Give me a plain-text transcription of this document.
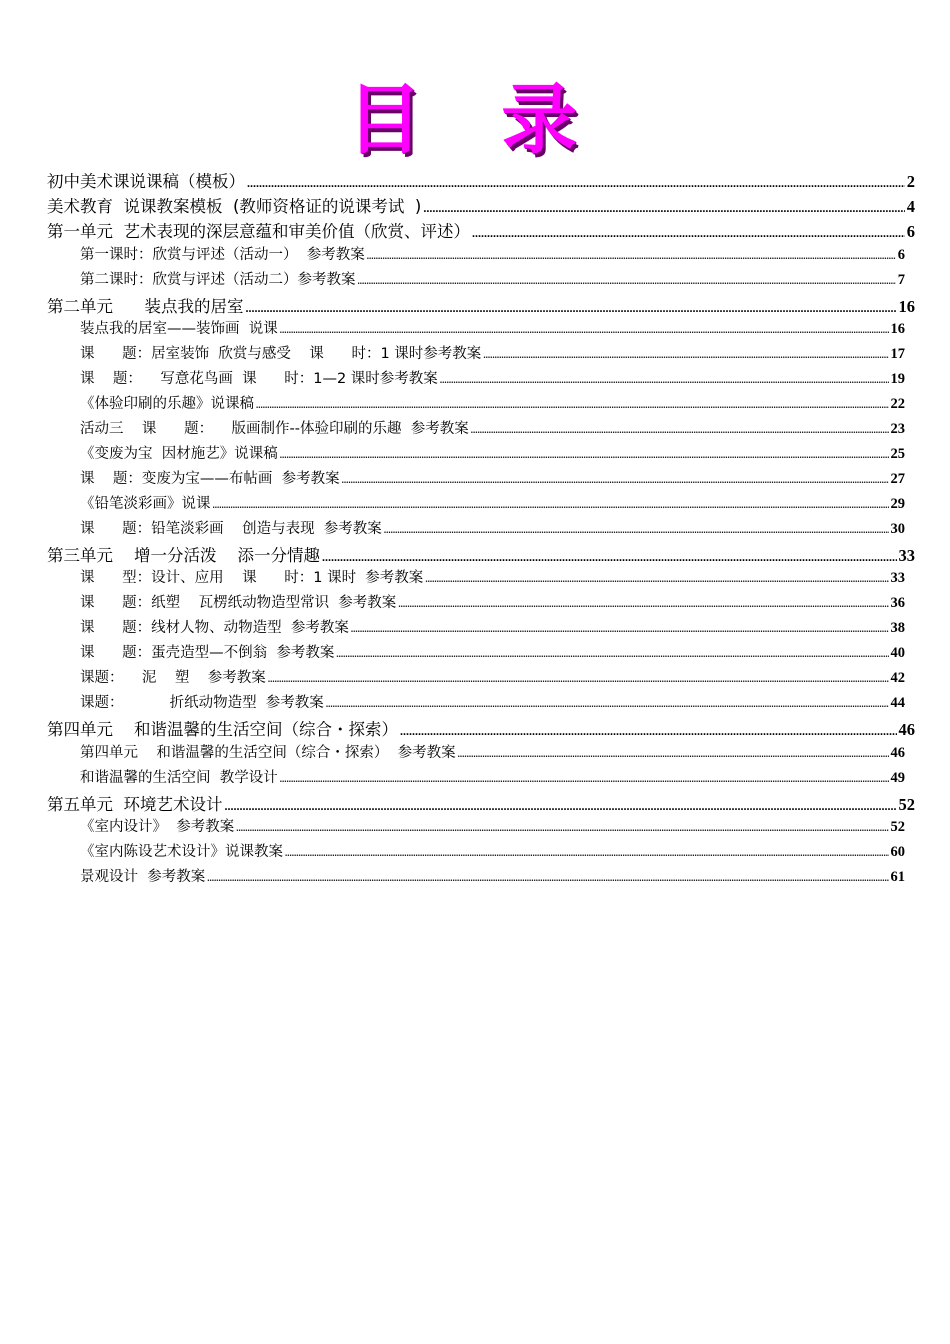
目 录
初中美术课说课稿（模板） .....	2
美术教育  说课教案模板  (教师资格证的说课考试  ) .....	4
第一单元  艺术表现的深层意蕴和审美价值（欣赏、评述） .....	6
第一课时：欣赏与评述（活动一）  参考教案 .....	6
第二课时：欣赏与评述（活动二）参考教案 .....	7
第二单元      装点我的居室 .....	16
装点我的居室——装饰画  说课 .....	16
课      题：居室装饰  欣赏与感受    课      时：1 课时参考教案 .....	17
课    题：    写意花鸟画  课      时：1—2 课时参考教案 .....	19
《体验印刷的乐趣》说课稿 .....	22
活动三    课      题：    版画制作--体验印刷的乐趣  参考教案 .....	23
《变废为宝  因材施艺》说课稿 .....	25
课    题：变废为宝——布帖画  参考教案 .....	27
《铅笔淡彩画》说课 .....	29
课      题：铅笔淡彩画    创造与表现  参考教案 .....	30
第三单元    增一分活泼    添一分情趣 .....	33
课      型：设计、应用    课      时：1 课时  参考教案 .....	33
课      题：纸塑    瓦楞纸动物造型常识  参考教案 .....	36
课      题：线材人物、动物造型  参考教案 .....	38
课      题：蛋壳造型—不倒翁  参考教案 .....	40
课题：    泥    塑    参考教案 .....	42
课题：          折纸动物造型  参考教案 .....	44
第四单元    和谐温馨的生活空间（综合・探索） .....	46
第四单元    和谐温馨的生活空间（综合・探索）  参考教案 .....	46
和谐温馨的生活空间  教学设计 .....	49
第五单元  环境艺术设计 .....	52
《室内设计》  参考教案 .....	52
《室内陈设艺术设计》说课教案 .....	60
景观设计  参考教案 .....	61
